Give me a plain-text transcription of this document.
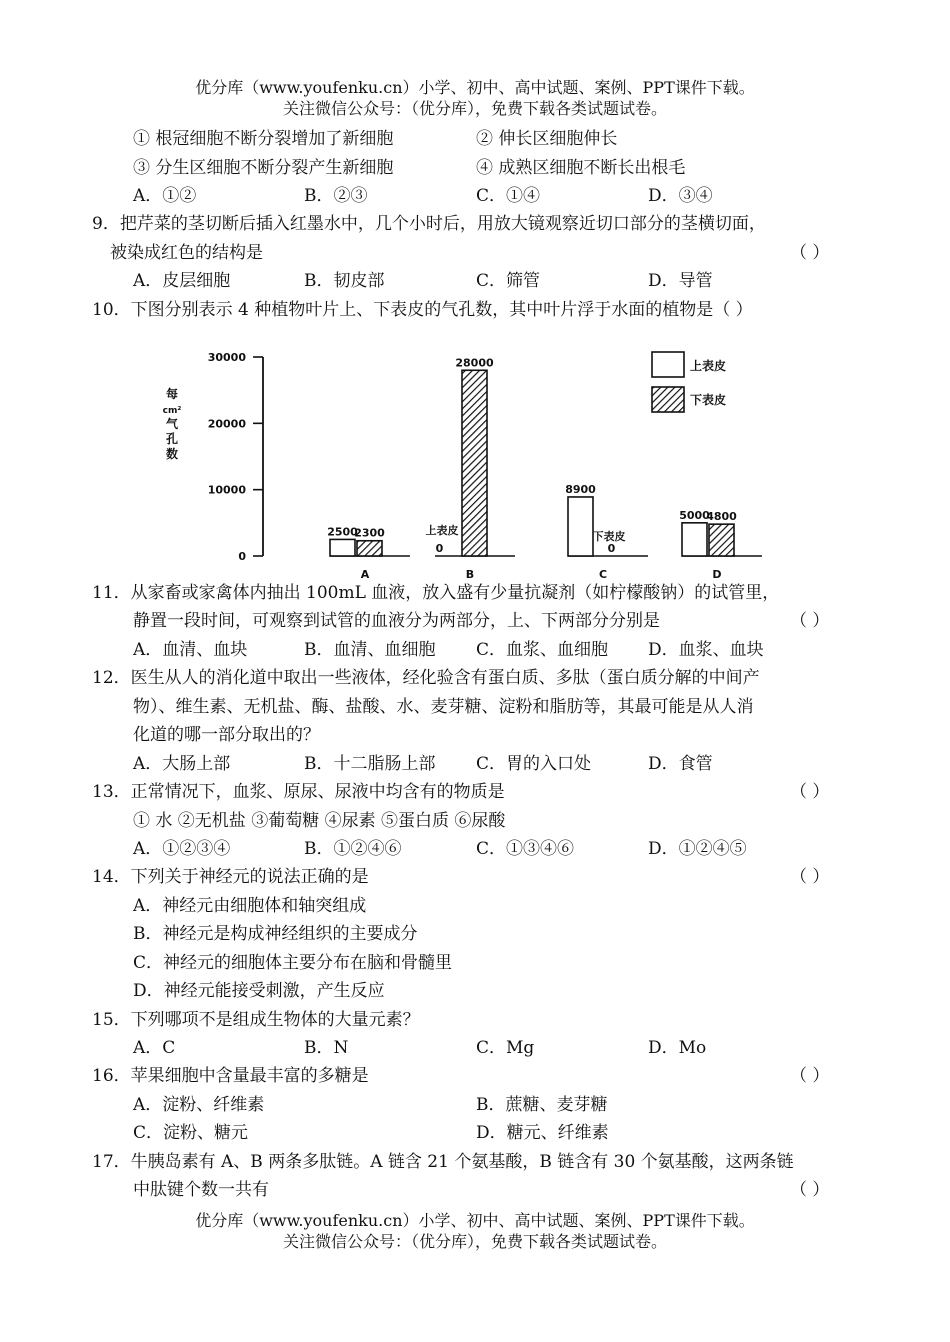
优分库（www.youfenku.cn）小学、初中、高中试题、案例、PPT课件下载。
关注微信公众号：（优分库），免费下载各类试题试卷。
① 根冠细胞不断分裂增加了新细胞	② 伸长区细胞伸长
③ 分生区细胞不断分裂产生新细胞	④ 成熟区细胞不断长出根毛
A．①②	B．②③	C．①④	D．③④
9．把芹菜的茎切断后插入红墨水中，几个小时后，用放大镜观察近切口部分的茎横切面，
被染成红色的结构是	（ ）
A．皮层细胞	B．韧皮部	C．筛管	D．导管
10．下图分别表示 4 种植物叶片上、下表皮的气孔数，其中叶片浮于水面的植物是（ ）
0
10000
20000
30000
每
cm²
气
孔
数
2500
2300
A
0
28000
B
8900
0
C
5000
4800
D
上表皮	下表皮
上表皮
下表皮
11．从家畜或家禽体内抽出 100mL 血液，放入盛有少量抗凝剂（如柠檬酸钠）的试管里，
静置一段时间，可观察到试管的血液分为两部分，上、下两部分分别是	（ ）
A．血清、血块	B．血清、血细胞 C．血浆、血细胞 D．血浆、血块
12．医生从人的消化道中取出一些液体，经化验含有蛋白质、多肽（蛋白质分解的中间产
物）、维生素、无机盐、酶、盐酸、水、麦芽糖、淀粉和脂肪等，其最可能是从人消
化道的哪一部分取出的？
A．大肠上部	B．十二脂肠上部 C．胃的入口处	D．食管
13．正常情况下，血浆、原尿、尿液中均含有的物质是	（ ）
① 水 ②无机盐 ③葡萄糖 ④尿素 ⑤蛋白质 ⑥尿酸
A．①②③④	B．①②④⑥	C．①③④⑥	D．①②④⑤
14．下列关于神经元的说法正确的是	（ ）
A．神经元由细胞体和轴突组成
B．神经元是构成神经组织的主要成分
C．神经元的细胞体主要分布在脑和骨髓里
D．神经元能接受刺激，产生反应
15．下列哪项不是组成生物体的大量元素？
A．C	B．N	C．Mg	D．Mo
16．苹果细胞中含量最丰富的多糖是	（ ）
A．淀粉、纤维素	B．蔗糖、麦芽糖
C．淀粉、糖元	D．糖元、纤维素
17．牛胰岛素有 A、B 两条多肽链。A 链含 21 个氨基酸，B 链含有 30 个氨基酸，这两条链
中肽键个数一共有	（ ）
优分库（www.youfenku.cn）小学、初中、高中试题、案例、PPT课件下载。
关注微信公众号：（优分库），免费下载各类试题试卷。
